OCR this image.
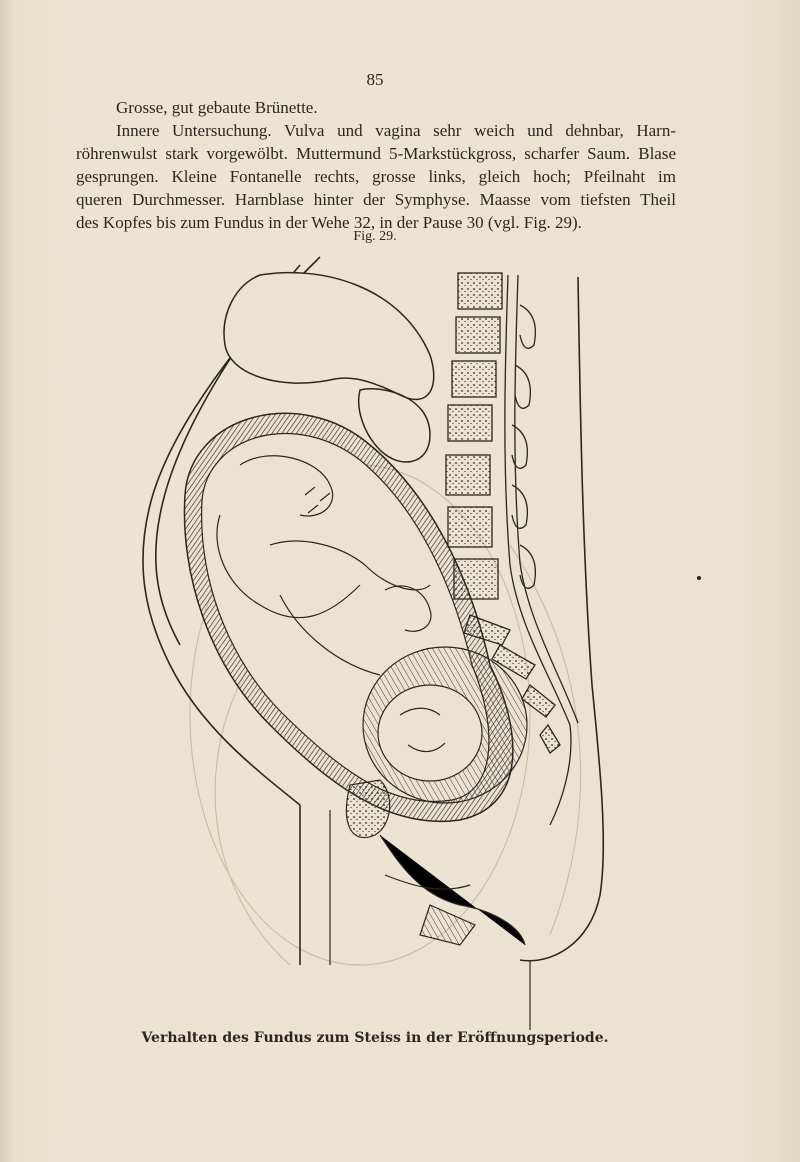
85
Grosse, gut gebaute Brünette.
Innere Untersuchung. Vulva und vagina sehr weich und dehnbar, Harn-
röhrenwulst stark vorgewölbt. Muttermund 5-Markstückgross, scharfer Saum. Blase
gesprungen. Kleine Fontanelle rechts, grosse links, gleich hoch; Pfeilnaht im
queren Durchmesser. Harnblase hinter der Symphyse. Maasse vom tiefsten Theil
des Kopfes bis zum Fundus in der Wehe 32, in der Pause 30 (vgl. Fig. 29).
Fig. 29.
Verhalten des Fundus zum Steiss in der Eröffnungsperiode.
